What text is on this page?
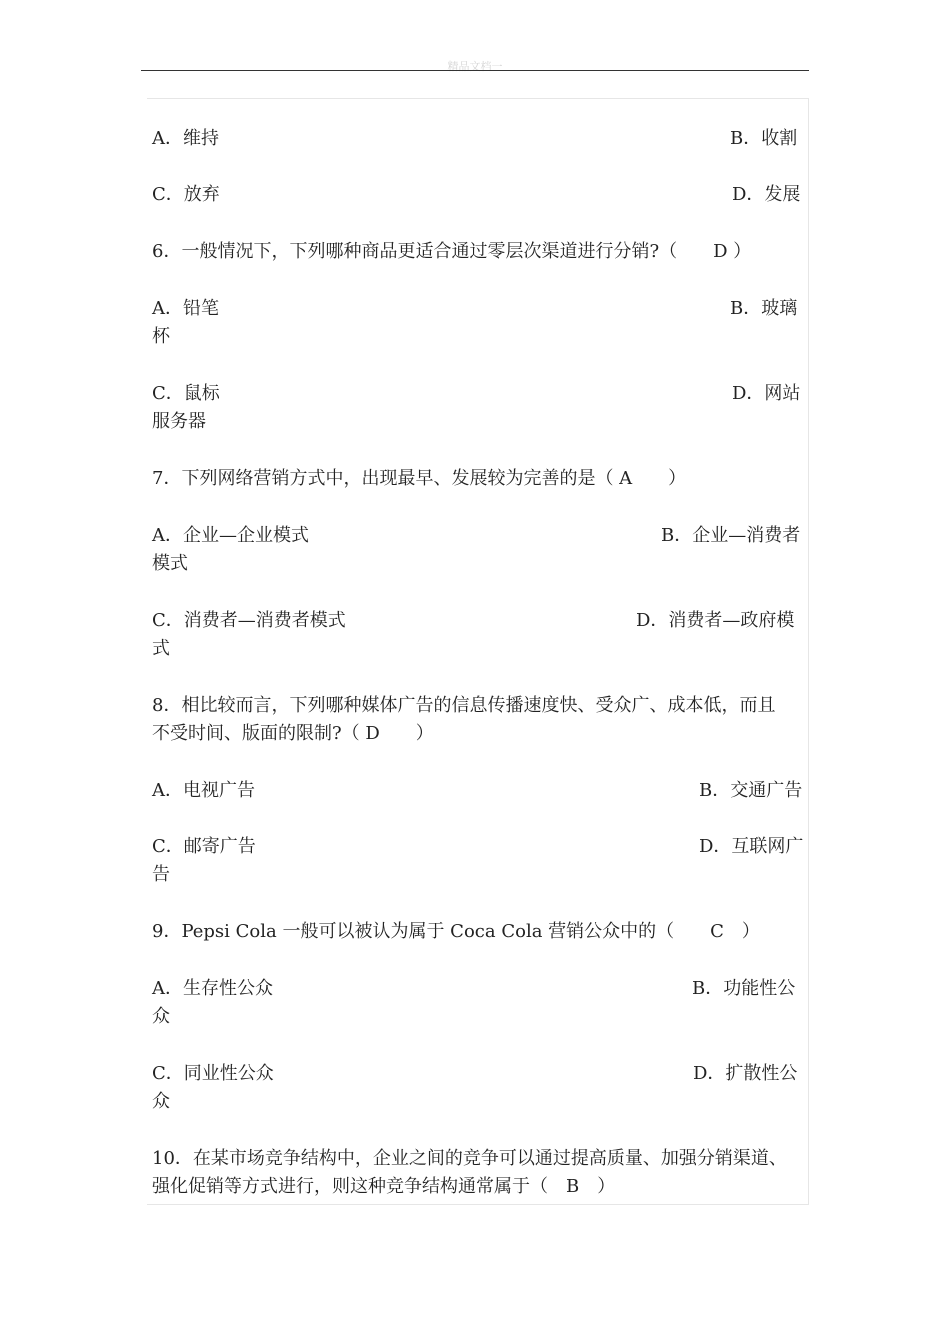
精品文档一
A．维持	B．收割
C．放弃	D．发展
6．一般情况下，下列哪种商品更适合通过零层次渠道进行分销?（　　D ）
A．铅笔	B．玻璃
杯
C．鼠标	D．网站
服务器
7．下列网络营销方式中，出现最早、发展较为完善的是（ A　　）
A．企业—企业模式	B．企业—消费者
模式
C．消费者—消费者模式	D．消费者—政府模
式
8．相比较而言，下列哪种媒体广告的信息传播速度快、受众广、成本低，而且
不受时间、版面的限制?（ D　　）
A．电视广告	B．交通广告
C．邮寄广告	D．互联网广
告
9．Pepsi Cola 一般可以被认为属于 Coca Cola 营销公众中的（　　C　）
A．生存性公众	B．功能性公
众
C．同业性公众	D．扩散性公
众
10．在某市场竞争结构中，企业之间的竞争可以通过提高质量、加强分销渠道、
强化促销等方式进行，则这种竞争结构通常属于（　B　）
